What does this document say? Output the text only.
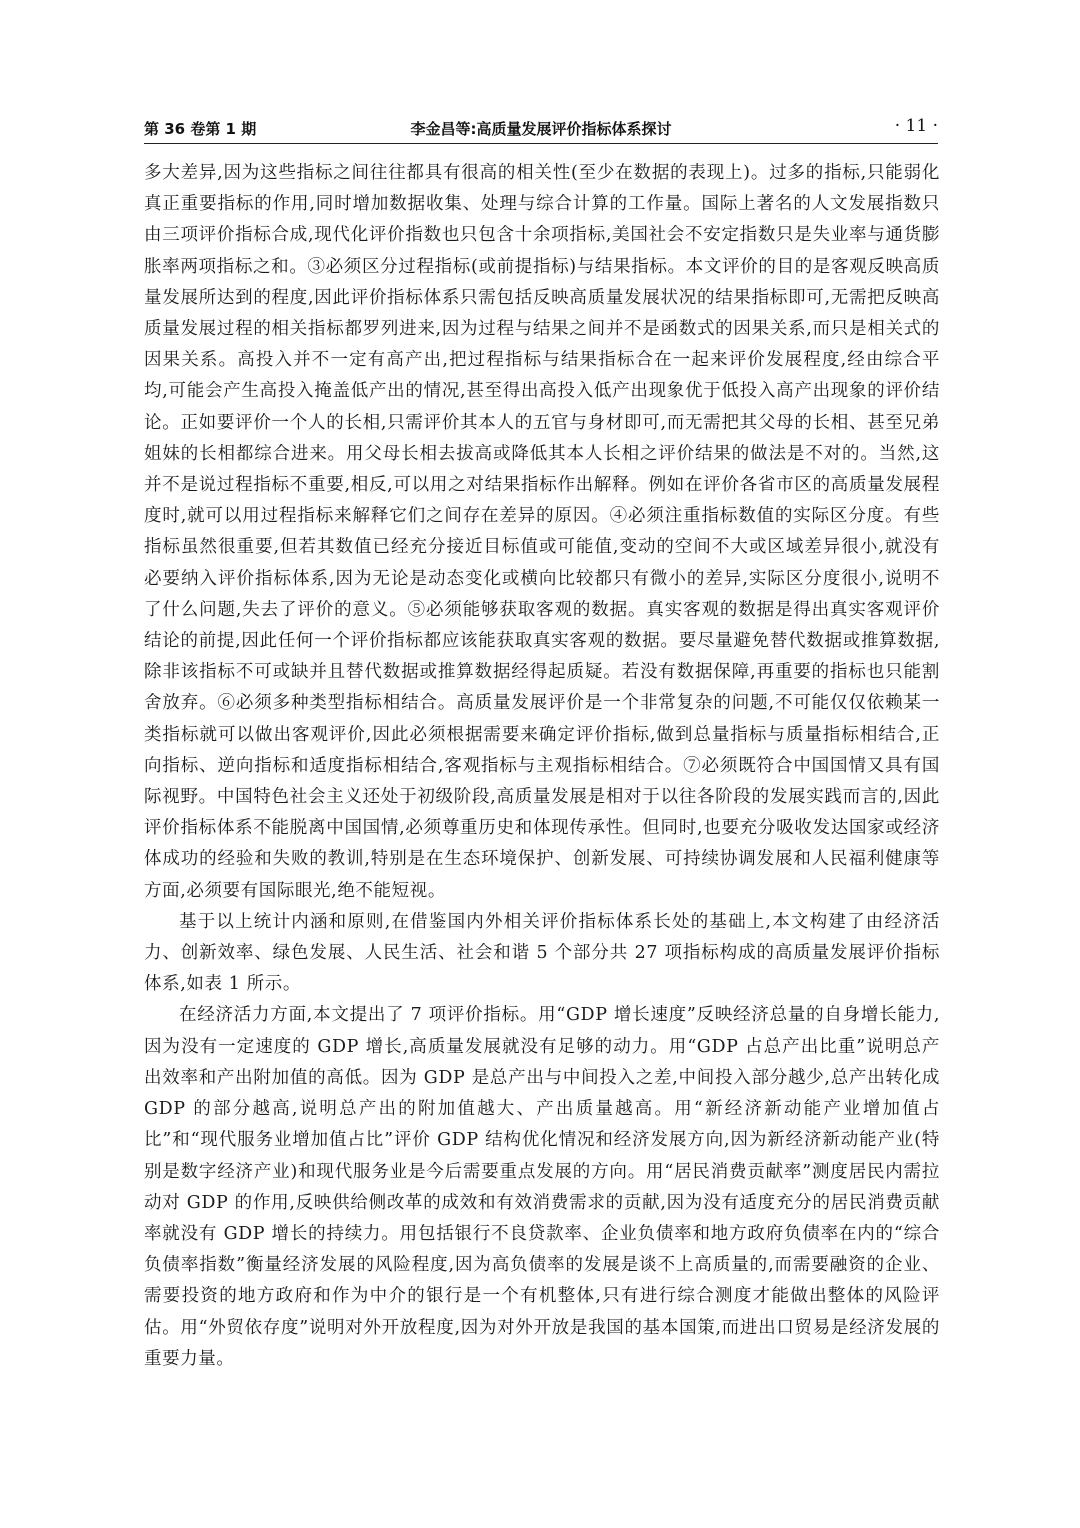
第 36 卷第 1 期	李金昌等:高质量发展评价指标体系探讨	· 11 ·

多大差异,因为这些指标之间往往都具有很高的相关性(至少在数据的表现上)。过多的指标,只能弱化真正重要指标的作用,同时增加数据收集、处理与综合计算的工作量。国际上著名的人文发展指数只由三项评价指标合成,现代化评价指数也只包含十余项指标,美国社会不安定指数只是失业率与通货膨胀率两项指标之和。③必须区分过程指标(或前提指标)与结果指标。本文评价的目的是客观反映高质量发展所达到的程度,因此评价指标体系只需包括反映高质量发展状况的结果指标即可,无需把反映高质量发展过程的相关指标都罗列进来,因为过程与结果之间并不是函数式的因果关系,而只是相关式的因果关系。高投入并不一定有高产出,把过程指标与结果指标合在一起来评价发展程度,经由综合平均,可能会产生高投入掩盖低产出的情况,甚至得出高投入低产出现象优于低投入高产出现象的评价结论。正如要评价一个人的长相,只需评价其本人的五官与身材即可,而无需把其父母的长相、甚至兄弟姐妹的长相都综合进来。用父母长相去拔高或降低其本人长相之评价结果的做法是不对的。当然,这并不是说过程指标不重要,相反,可以用之对结果指标作出解释。例如在评价各省市区的高质量发展程度时,就可以用过程指标来解释它们之间存在差异的原因。④必须注重指标数值的实际区分度。有些指标虽然很重要,但若其数值已经充分接近目标值或可能值,变动的空间不大或区域差异很小,就没有必要纳入评价指标体系,因为无论是动态变化或横向比较都只有微小的差异,实际区分度很小,说明不了什么问题,失去了评价的意义。⑤必须能够获取客观的数据。真实客观的数据是得出真实客观评价结论的前提,因此任何一个评价指标都应该能获取真实客观的数据。要尽量避免替代数据或推算数据,除非该指标不可或缺并且替代数据或推算数据经得起质疑。若没有数据保障,再重要的指标也只能割舍放弃。⑥必须多种类型指标相结合。高质量发展评价是一个非常复杂的问题,不可能仅仅依赖某一类指标就可以做出客观评价,因此必须根据需要来确定评价指标,做到总量指标与质量指标相结合,正向指标、逆向指标和适度指标相结合,客观指标与主观指标相结合。⑦必须既符合中国国情又具有国际视野。中国特色社会主义还处于初级阶段,高质量发展是相对于以往各阶段的发展实践而言的,因此评价指标体系不能脱离中国国情,必须尊重历史和体现传承性。但同时,也要充分吸收发达国家或经济体成功的经验和失败的教训,特别是在生态环境保护、创新发展、可持续协调发展和人民福利健康等方面,必须要有国际眼光,绝不能短视。

基于以上统计内涵和原则,在借鉴国内外相关评价指标体系长处的基础上,本文构建了由经济活力、创新效率、绿色发展、人民生活、社会和谐 5 个部分共 27 项指标构成的高质量发展评价指标体系,如表 1 所示。

在经济活力方面,本文提出了 7 项评价指标。用“GDP 增长速度”反映经济总量的自身增长能力,因为没有一定速度的 GDP 增长,高质量发展就没有足够的动力。用“GDP 占总产出比重”说明总产出效率和产出附加值的高低。因为 GDP 是总产出与中间投入之差,中间投入部分越少,总产出转化成 GDP 的部分越高,说明总产出的附加值越大、产出质量越高。用“新经济新动能产业增加值占比”和“现代服务业增加值占比”评价 GDP 结构优化情况和经济发展方向,因为新经济新动能产业(特别是数字经济产业)和现代服务业是今后需要重点发展的方向。用“居民消费贡献率”测度居民内需拉动对 GDP 的作用,反映供给侧改革的成效和有效消费需求的贡献,因为没有适度充分的居民消费贡献率就没有 GDP 增长的持续力。用包括银行不良贷款率、企业负债率和地方政府负债率在内的“综合负债率指数”衡量经济发展的风险程度,因为高负债率的发展是谈不上高质量的,而需要融资的企业、需要投资的地方政府和作为中介的银行是一个有机整体,只有进行综合测度才能做出整体的风险评估。用“外贸依存度”说明对外开放程度,因为对外开放是我国的基本国策,而进出口贸易是经济发展的重要力量。
